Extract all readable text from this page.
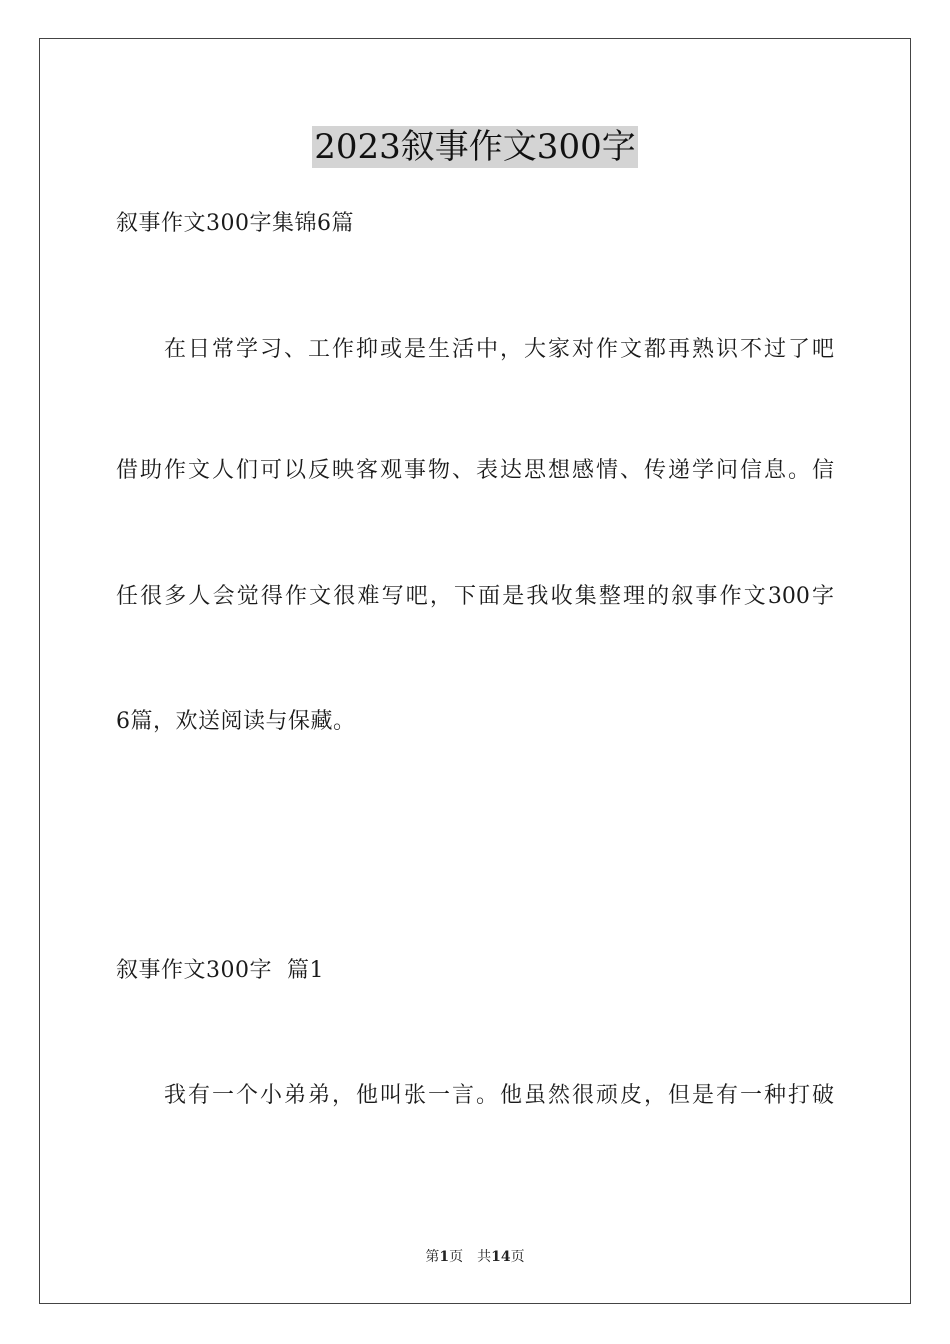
2023叙事作文300字
叙事作文300字集锦6篇
在日常学习、工作抑或是生活中，大家对作文都再熟识不过了吧
借助作文人们可以反映客观事物、表达思想感情、传递学问信息。信
任很多人会觉得作文很难写吧，下面是我收集整理的叙事作文300字
6篇，欢送阅读与保藏。
叙事作文300字  篇1
我有一个小弟弟，他叫张一言。他虽然很顽皮，但是有一种打破
第1页 共14页
